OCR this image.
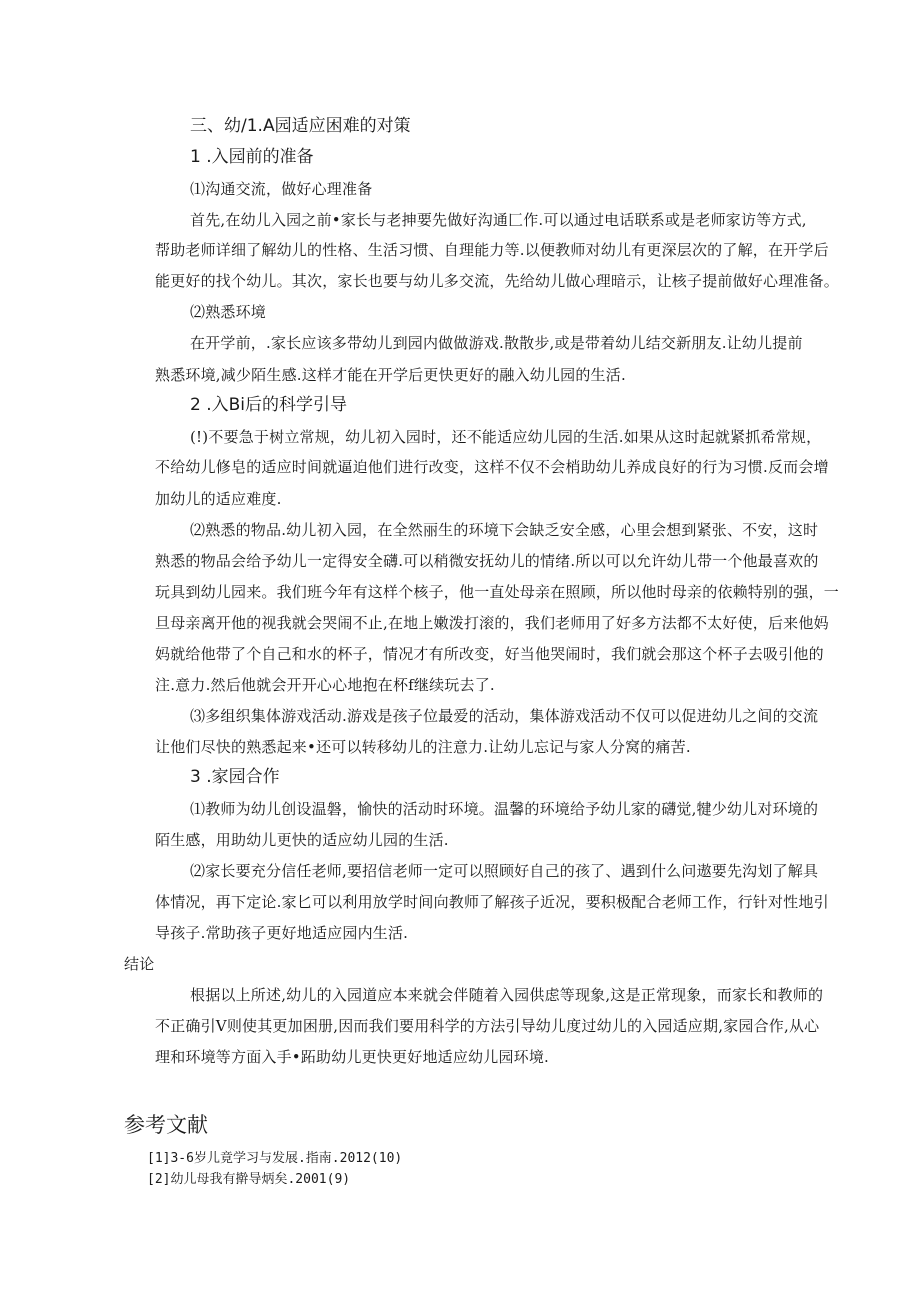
三、幼/1.A园适应困难的对策
1 .入园前的准备
⑴沟通交流，做好心理准备
首先,在幼儿入园之前•家长与老抻要先做好沟通匚作.可以通过电话联系或是老师家访等方式,
帮助老师详细了解幼儿的性格、生活习惯、自理能力等.以便教师对幼儿有更深层次的了解，在开学后
能更好的找个幼儿。其次，家长也要与幼儿多交流，先给幼儿做心理暗示，让核子提前做好心理准备。
⑵熟悉环境
在开学前，.家长应该多带幼儿到园内做做游戏.散散步,或是带着幼儿结交新朋友.让幼儿提前
熟悉环境,减少陌生感.这样才能在开学后更快更好的融入幼儿园的生活.
2 .入Bi后的科学引导
(!)不要急于树立常规，幼儿初入园时，还不能适应幼儿园的生活.如果从这时起就紧抓希常规，
不给幼儿修皂的适应时间就逼迫他们进行改变，这样不仅不会梢助幼儿养成良好的行为习惯.反而会增
加幼儿的适应难度.
⑵熟悉的物品.幼儿初入园，在全然丽生的环境下会缺乏安全感，心里会想到紧张、不安，这时
熟悉的物品会给予幼儿一定得安全礴.可以稍微安抚幼儿的情绪.所以可以允许幼儿带一个他最喜欢的
玩具到幼儿园来。我们班今年有这样个核子，他一直处母亲在照顾，所以他时母亲的依赖特别的强，一
旦母亲离开他的视我就会哭闹不止,在地上嫩泼打滚的，我们老师用了好多方法都不太好使，后来他妈
妈就给他带了个自己和水的杯子，情况才有所改变，好当他哭闹时，我们就会那这个杯子去吸引他的
注.意力.然后他就会开开心心地抱在杯f继续玩去了.
⑶多组织集体游戏活动.游戏是孩子位最爱的活动，集体游戏活动不仅可以促进幼儿之间的交流
让他们尽快的熟悉起来•还可以转移幼儿的注意力.让幼儿忘记与家人分窝的痛苦.
3 .家园合作
⑴教师为幼儿创设温磐，愉快的活动时环境。温馨的环境给予幼儿家的礴觉,犍少幼儿对环境的
陌生感，用助幼儿更快的适应幼儿园的生活.
⑵家长要充分信任老师,要招信老师一定可以照顾好自己的孩了、遇到什么问遨要先沟划了解具
体情况，再下定论.家匕可以利用放学时间向教师了解孩子近况，要积极配合老师工作，行针对性地引
导孩子.常助孩子更好地适应园内生活.
结论
根据以上所述,幼儿的入园道应本来就会伴随着入园供虑等现象,这是正常现象，而家长和教师的
不正确引V则使其更加困册,因而我们要用科学的方法引导幼儿度过幼儿的入园适应期,家园合作,从心
理和环境等方面入手•跖助幼儿更快更好地适应幼儿园环境.
参考文献
[1]3-6岁儿竟学习与发展.指南.2012(10)
[2]幼儿母我有擀导炳矣.2001(9)
